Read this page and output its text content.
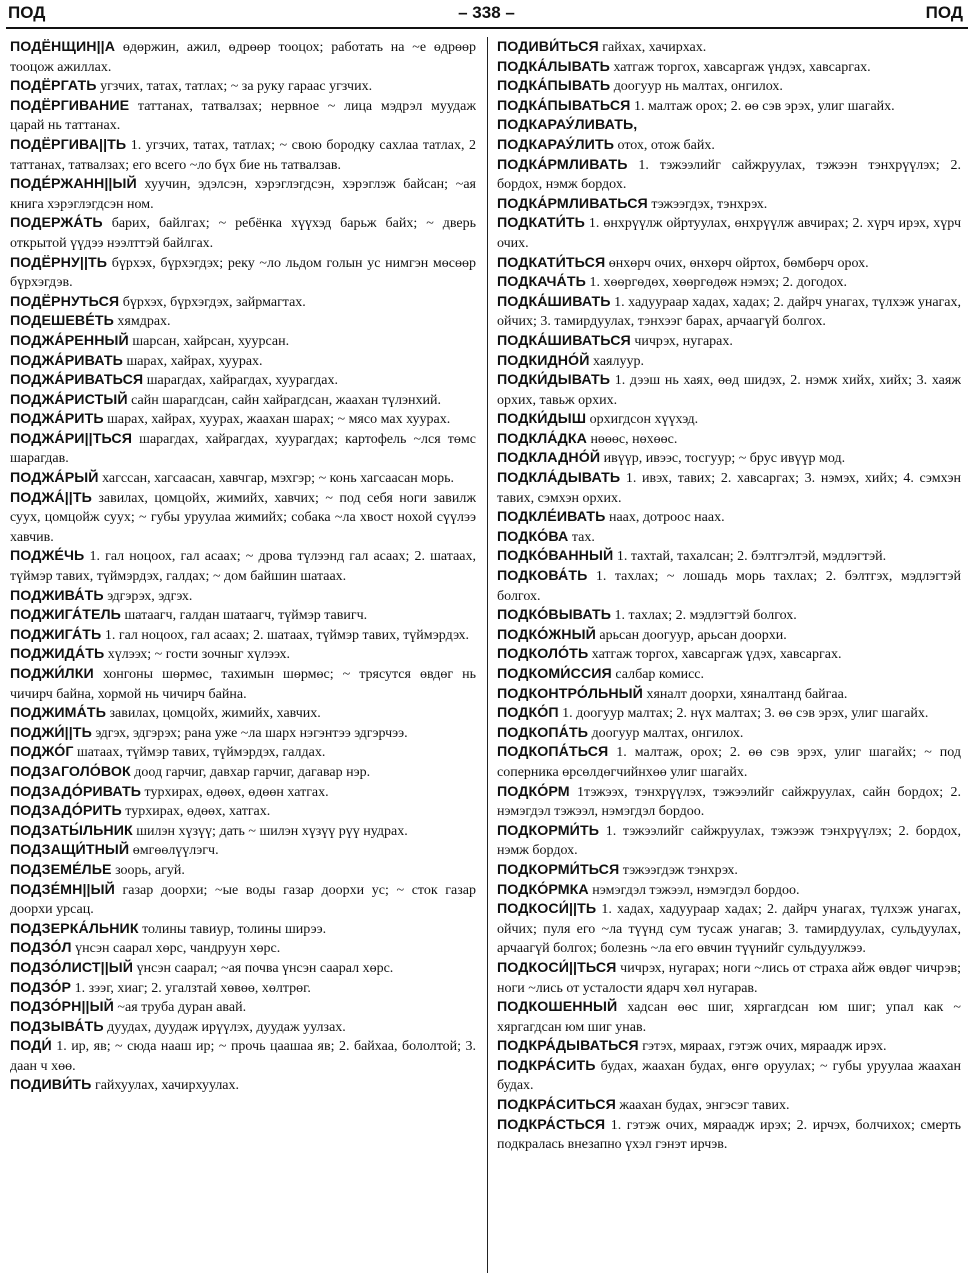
ПОД	– 338 –	ПОД
ПОДЁНЩИН||А өдөржин, ажил, өдрөөр тооцох; работать на ~е өдрөөр тооцож ажиллах.
ПОДЁРГАТЬ угзчих, татах, татлах; ~ за руку гараас угзчих.
ПОДЁРГИВАНИЕ таттанах, татвалзах; нервное ~ лица мэдрэл муудаж царай нь таттанах.
ПОДЁРГИВА||ТЬ 1. угзчих, татах, татлах; ~ свою бородку сахлаа татлах, 2 таттанах, татвалзах; его всего ~ло бүх бие нь татвалзав.
ПОДЕ́РЖАНН||ЫЙ хуучин, эдэлсэн, хэрэглэгдсэн, хэрэглэж байсан; ~ая книга хэрэглэгдсэн ном.
ПОДЕРЖА́ТЬ барих, байлгах; ~ ребёнка хүүхэд барьж байх; ~ дверь открытой үүдээ нээлттэй байлгах.
ПОДЁРНУ||ТЬ бүрхэх, бүрхэгдэх; реку ~ло льдом голын ус нимгэн мөсөөр бүрхэгдэв.
ПОДЁРНУТЬСЯ бүрхэх, бүрхэгдэх, зайрмагтах.
ПОДЕШЕВЕ́ТЬ хямдрах.
ПОДЖА́РЕННЫЙ шарсан, хайрсан, хуурсан.
ПОДЖА́РИВАТЬ шарах, хайрах, хуурах.
ПОДЖА́РИВАТЬСЯ шарагдах, хайрагдах, хуурагдах.
ПОДЖА́РИСТЫЙ сайн шарагдсан, сайн хайрагдсан, жаахан түлэнхий.
ПОДЖА́РИТЬ шарах, хайрах, хуурах, жаахан шарах; ~ мясо мах хуурах.
ПОДЖА́РИ||ТЬСЯ шарагдах, хайрагдах, хуурагдах; картофель ~лся төмс шарагдав.
ПОДЖА́РЫЙ хагссан, хагсаасан, хавчгар, мэхгэр; ~ конь хагсаасан морь.
ПОДЖА́||ТЬ завилах, цомцойх, жимийх, хавчих; ~ под себя ноги завилж суух, цомцойж суух; ~ губы уруулаа жимийх; собака ~ла хвост нохой сүүлээ хавчив.
ПОДЖЕ́ЧЬ 1. гал ноцоох, гал асаах; ~ дрова түлээнд гал асаах; 2. шатаах, түймэр тавих, түймэрдэх, галдах; ~ дом байшин шатаах.
ПОДЖИВА́ТЬ эдгэрэх, эдгэх.
ПОДЖИГА́ТЕЛЬ шатаагч, галдан шатаагч, түймэр тавигч.
ПОДЖИГА́ТЬ 1. гал ноцоох, гал асаах; 2. шатаах, түймэр тавих, түймэрдэх.
ПОДЖИДА́ТЬ хүлээх; ~ гости зочныг хүлээх.
ПОДЖИ́ЛКИ хонгоны шөрмөс, тахимын шөрмөс; ~ трясутся өвдөг нь чичирч байна, хормой нь чичирч байна.
ПОДЖИМА́ТЬ завилах, цомцойх, жимийх, хавчих.
ПОДЖИ́||ТЬ эдгэх, эдгэрэх; рана уже ~ла шарх нэгэнтээ эдгэрчээ.
ПОДЖО́Г шатаах, түймэр тавих, түймэрдэх, галдах.
ПОДЗАГОЛО́ВОК доод гарчиг, давхар гарчиг, дагавар нэр.
ПОДЗАДО́РИВАТЬ турхирах, өдөөх, өдөөн хатгах.
ПОДЗАДО́РИТЬ турхирах, өдөөх, хатгах.
ПОДЗАТЫ́ЛЬНИК шилэн хүзүү; дать ~ шилэн хүзүү рүү нудрах.
ПОДЗАЩИ́ТНЫЙ өмгөөлүүлэгч.
ПОДЗЕМЕ́ЛЬЕ зоорь, агуй.
ПОДЗЕ́МН||ЫЙ газар доорхи; ~ые воды газар доорхи ус; ~ сток газар доорхи урсац.
ПОДЗЕРКА́ЛЬНИК толины тавиур, толины ширээ.
ПОДЗО́Л үнсэн саарал хөрс, чандруун хөрс.
ПОДЗО́ЛИСТ||ЫЙ үнсэн саарал; ~ая почва үнсэн саарал хөрс.
ПОДЗО́Р 1. зээг, хиаг; 2. угалзтай хөвөө, хөлтрөг.
ПОДЗО́РН||ЫЙ ~ая труба дуран авай.
ПОДЗЫВА́ТЬ дуудах, дуудаж ирүүлэх, дуудаж уулзах.
ПОДИ́ 1. ир, яв; ~ сюда нааш ир; ~ прочь цаашаа яв; 2. байхаа, бололтой; 3. даан ч хөө.
ПОДИВИ́ТЬ гайхуулах, хачирхуулах.
ПОДИВИ́ТЬСЯ гайхах, хачирхах.
ПОДКА́ЛЫВАТЬ хатгаж торгох, хавсаргаж үндэх, хавсаргах.
ПОДКА́ПЫВАТЬ доогуур нь малтах, онгилох.
ПОДКА́ПЫВАТЬСЯ 1. малтаж орох; 2. өө сэв эрэх, улиг шагайх.
ПОДКАРАУ́ЛИВАТЬ,
ПОДКАРАУ́ЛИТЬ отох, отож байх.
ПОДКА́РМЛИВАТЬ 1. тэжээлийг сайжруулах, тэжээн тэнхрүүлэх; 2. бордох, нэмж бордох.
ПОДКА́РМЛИВАТЬСЯ тэжээгдэх, тэнхрэх.
ПОДКАТИ́ТЬ 1. өнхрүүлж ойртуулах, өнхрүүлж авчирах; 2. хүрч ирэх, хүрч очих.
ПОДКАТИ́ТЬСЯ өнхөрч очих, өнхөрч ойртох, бөмбөрч орох.
ПОДКАЧА́ТЬ 1. хөөргөдөх, хөөргөдөж нэмэх; 2. догодох.
ПОДКА́ШИВАТЬ 1. хадуураар хадах, хадах; 2. дайрч унагах, түлхэж унагах, ойчих; 3. тамирдуулах, тэнхээг барах, арчаагүй болгох.
ПОДКА́ШИВАТЬСЯ чичрэх, нугарах.
ПОДКИДНО́Й хаялуур.
ПОДКИ́ДЫВАТЬ 1. дээш нь хаях, өөд шидэх, 2. нэмж хийх, хийх; 3. хаяж орхих, тавьж орхих.
ПОДКИ́ДЫШ орхигдсон хүүхэд.
ПОДКЛА́ДКА нөөөс, нөхөөс.
ПОДКЛАДНО́Й ивүүр, ивээс, тосгуур; ~ брус ивүүр мод.
ПОДКЛА́ДЫВАТЬ 1. ивэх, тавих; 2. хавсаргах; 3. нэмэх, хийх; 4. сэмхэн тавих, сэмхэн орхих.
ПОДКЛЕ́ИВАТЬ наах, дотроос наах.
ПОДКО́ВА тах.
ПОДКО́ВАННЫЙ 1. тахтай, тахалсан; 2. бэлтгэлтэй, мэдлэгтэй.
ПОДКОВА́ТЬ 1. тахлах; ~ лошадь морь тахлах; 2. бэлтгэх, мэдлэгтэй болгох.
ПОДКО́ВЫВАТЬ 1. тахлах; 2. мэдлэгтэй болгох.
ПОДКО́ЖНЫЙ арьсан доогуур, арьсан доорхи.
ПОДКОЛО́ТЬ хатгаж торгох, хавсаргаж үдэх, хавсаргах.
ПОДКОМИ́ССИЯ салбар комисс.
ПОДКОНТРО́ЛЬНЫЙ хяналт доорхи, хяналтанд байгаа.
ПОДКО́П 1. доогуур малтах; 2. нүх малтах; 3. өө сэв эрэх, улиг шагайх.
ПОДКОПА́ТЬ доогуур малтах, онгилох.
ПОДКОПА́ТЬСЯ 1. малтаж, орох; 2. өө сэв эрэх, улиг шагайх; ~ под соперника өрсөлдөгчийнхөө улиг шагайх.
ПОДКО́РМ 1тэжээх, тэнхрүүлэх, тэжээлийг сайжруулах, сайн бордох; 2. нэмэгдэл тэжээл, нэмэгдэл бордоо.
ПОДКОРМИ́ТЬ 1. тэжээлийг сайжруулах, тэжээж тэнхрүүлэх; 2. бордох, нэмж бордох.
ПОДКОРМИ́ТЬСЯ тэжээгдэж тэнхрэх.
ПОДКО́РМКА нэмэгдэл тэжээл, нэмэгдэл бордоо.
ПОДКОСИ́||ТЬ 1. хадах, хадуураар хадах; 2. дайрч унагах, түлхэж унагах, ойчих; пуля его ~ла түүнд сум тусаж унагав; 3. тамирдуулах, сульдуулах, арчаагүй болгох; болезнь ~ла его өвчин түүнийг сульдуулжээ.
ПОДКОСИ́||ТЬСЯ чичрэх, нугарах; ноги ~лись от страха айж өвдөг чичрэв; ноги ~лись от усталости ядарч хөл нугарав.
ПОДКОШЕННЫЙ хадсан өөс шиг, хяргагдсан юм шиг; упал как ~ хяргагдсан юм шиг унав.
ПОДКРА́ДЫВАТЬСЯ гэтэх, мяраах, гэтэж очих, мяраадж ирэх.
ПОДКРА́СИТЬ будах, жаахан будах, өнгө оруулах; ~ губы уруулаа жаахан будах.
ПОДКРА́СИТЬСЯ жаахан будах, энгэсэг тавих.
ПОДКРА́СТЬСЯ 1. гэтэж очих, мяраадж ирэх; 2. ирчэх, болчихох; смерть подкралась внезапно үхэл гэнэт ирчэв.
